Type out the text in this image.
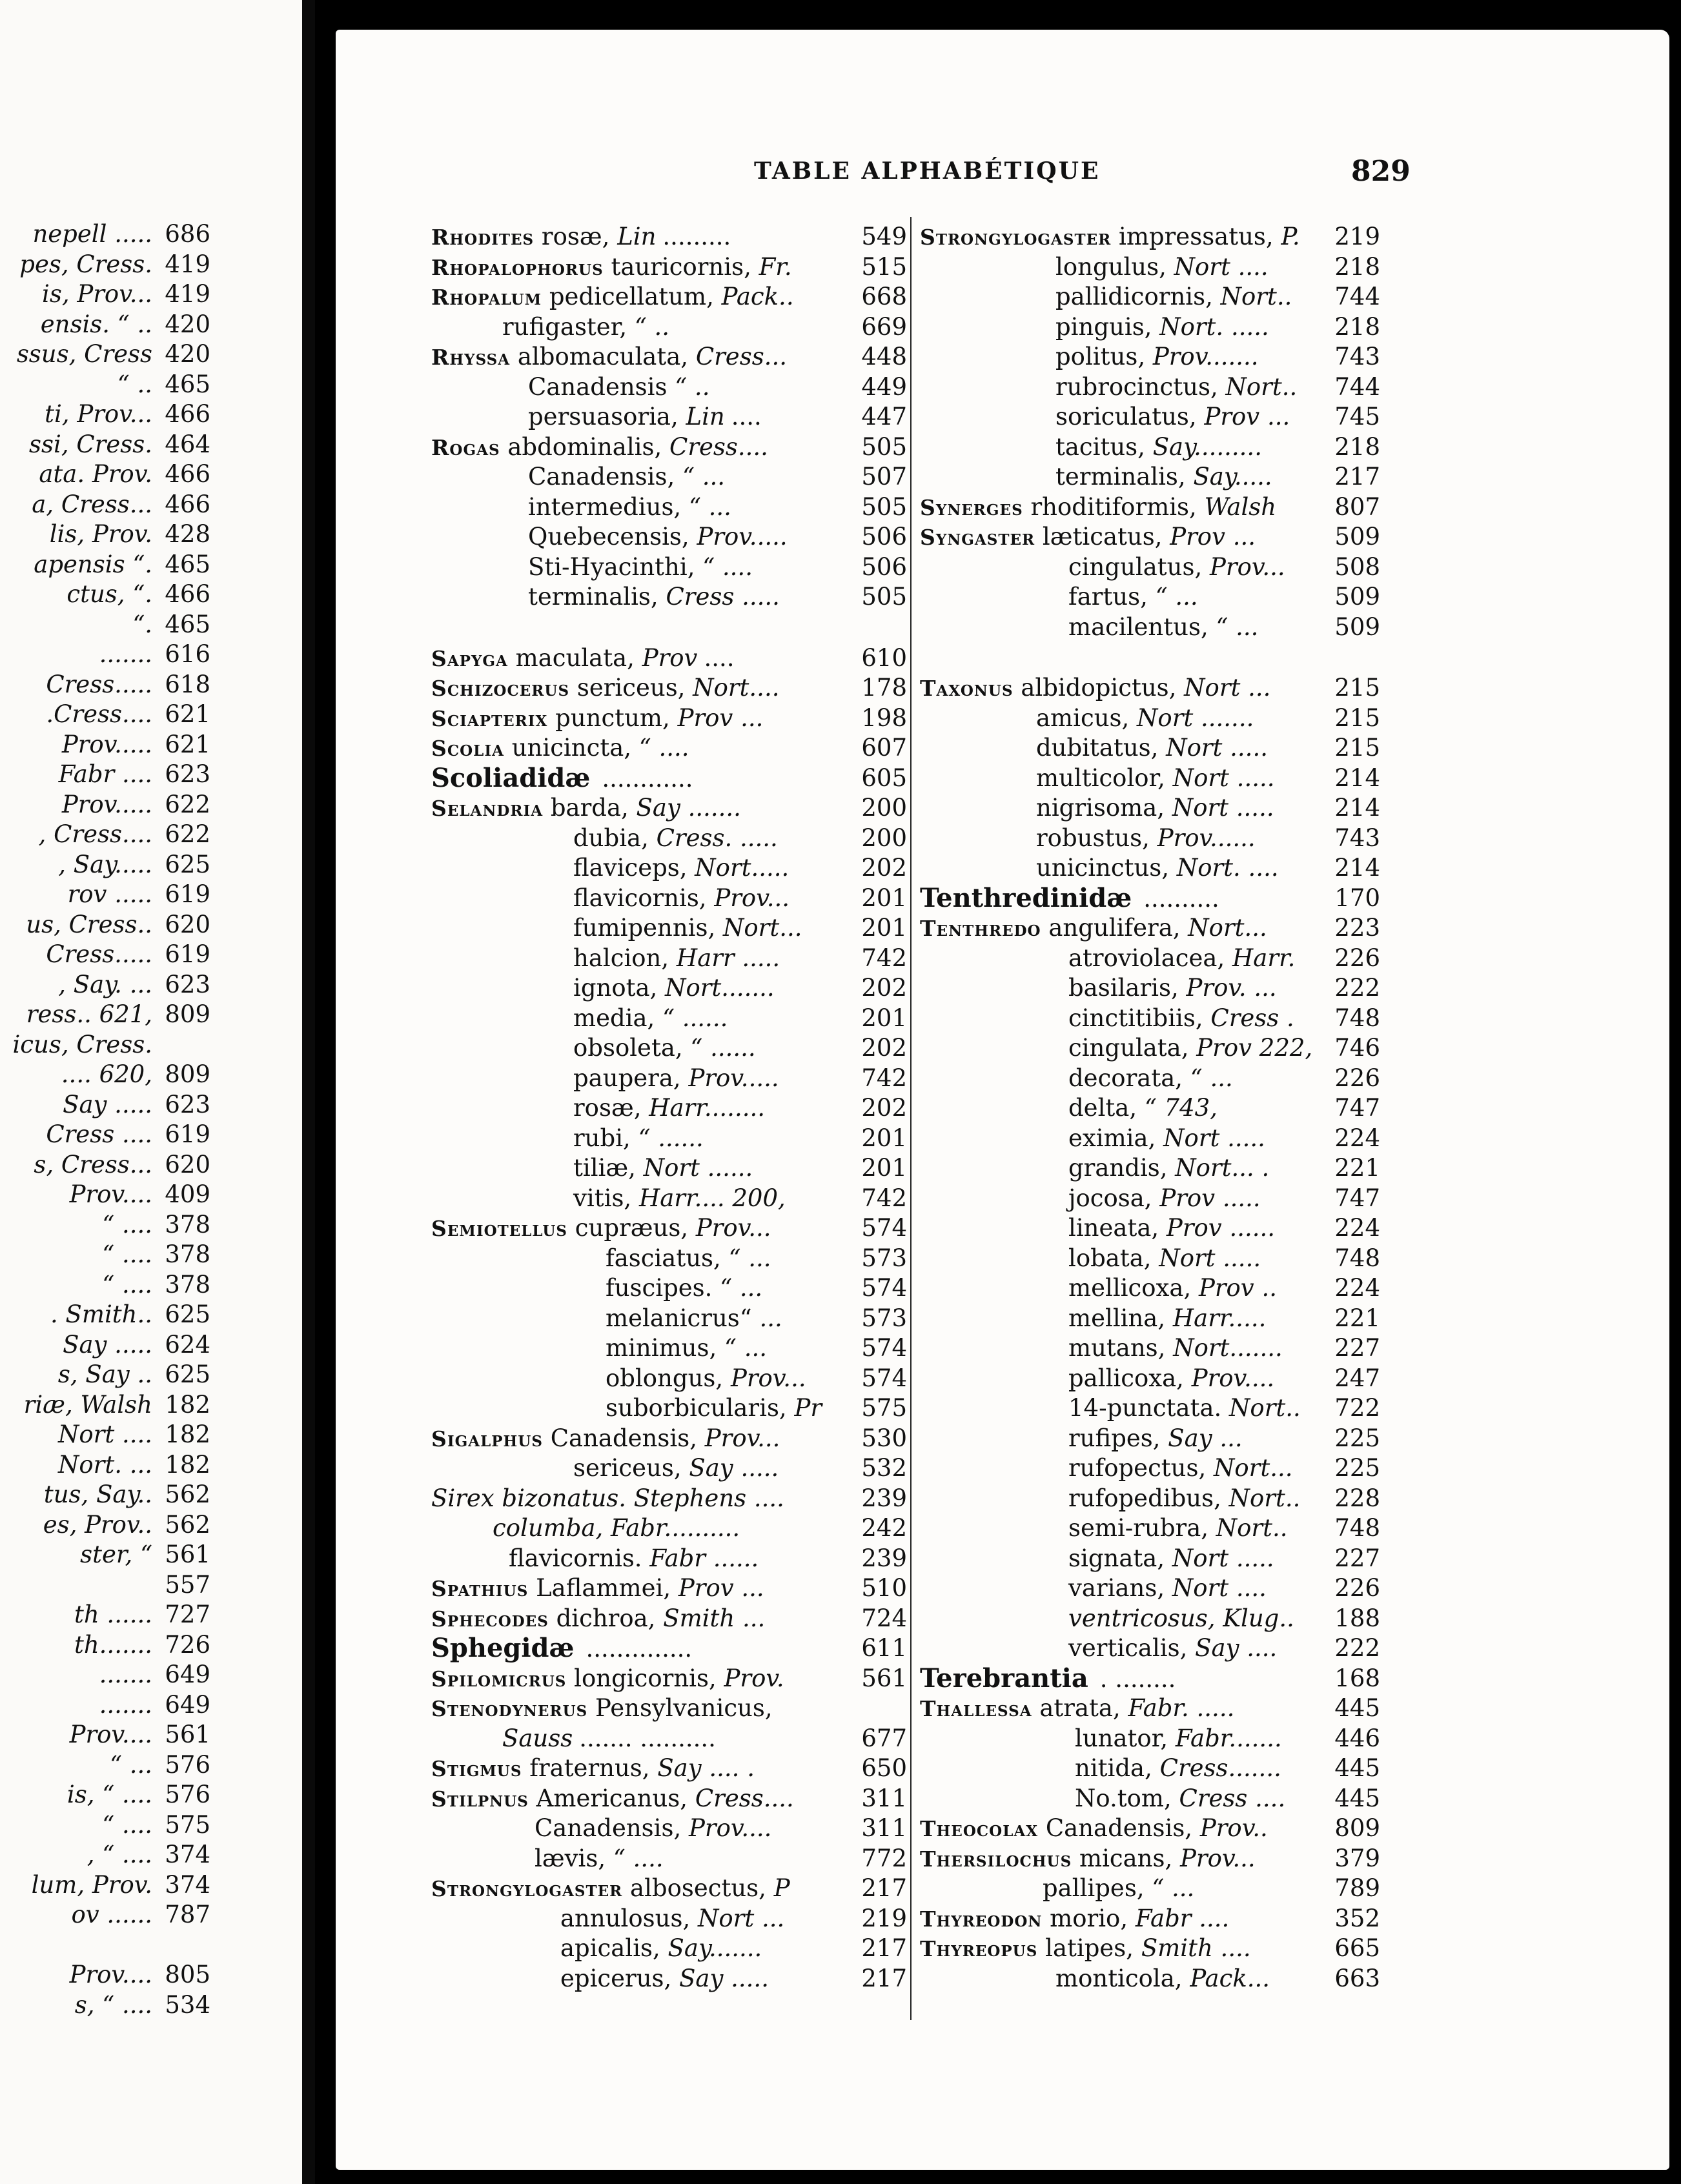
nepell ..... 686
pes, Cress. 419
is, Prov... 419
ensis. “ .. 420
ssus, Cress 420
“ .. 465
ti, Prov... 466
ssi, Cress. 464
ata. Prov. 466
a, Cress... 466
lis, Prov. 428
apensis “. 465
ctus, “. 466
“. 465
....... 616
Cress..... 618
.Cress.... 621
Prov..... 621
Fabr .... 623
Prov..... 622
, Cress.... 622
, Say..... 625
rov ..... 619
us, Cress.. 620
Cress..... 619
, Say. ... 623
ress.. 621, 809
icus, Cress.
.... 620, 809
Say ..... 623
Cress .... 619
s, Cress... 620
Prov.... 409
“ .... 378
“ .... 378
“ .... 378
. Smith.. 625
Say ..... 624
s, Say .. 625
riæ, Walsh 182
Nort .... 182
Nort. ... 182
tus, Say.. 562
es, Prov.. 562
ster, “ 561
557
th ...... 727
th....... 726
....... 649
....... 649
Prov.... 561
“ ... 576
is, “ .... 576
“ .... 575
, “ .... 374
lum, Prov. 374
ov ...... 787
Prov.... 805
s, “ .... 534
TABLE ALPHABÉTIQUE	829
Rhodites rosæ, Lin .........	549
Rhopalophorus tauricornis, Fr.	515
Rhopalum pedicellatum, Pack..	668
rufigaster, “ ..	669
Rhyssa albomaculata, Cress...	448
Canadensis “ ..	449
persuasoria, Lin ....	447
Rogas abdominalis, Cress....	505
Canadensis, “ ...	507
intermedius, “ ...	505
Quebecensis, Prov.....	506
Sti-Hyacinthi, “ ....	506
terminalis, Cress .....	505
Sapyga maculata, Prov ....	610
Schizocerus sericeus, Nort....	178
Sciapterix punctum, Prov ...	198
Scolia unicincta, “ ....	607
Scoliadidæ ............	605
Selandria barda, Say .......	200
dubia, Cress. .....	200
flaviceps, Nort.....	202
flavicornis, Prov...	201
fumipennis, Nort... 201
halcion, Harr .....	742
ignota, Nort.......	202
media, “ ......	201
obsoleta, “ ......	202
paupera, Prov.....	742
rosæ, Harr........	202
rubi, “ ......	201
tiliæ, Nort ......	201
vitis, Harr.... 200,	742
Semiotellus cupræus, Prov...	574
fasciatus, “ ...	573
fuscipes. “ ...	574
melanicrus“ ...	573
minimus, “ ...	574
oblongus, Prov... 574
suborbicularis, Pr 575
Sigalphus Canadensis, Prov...	530
sericeus, Say .....	532
Sirex bizonatus. Stephens ....	239
columba, Fabr..........	242
flavicornis. Fabr ......	239
Spathius Laflammei, Prov ...	510
Sphecodes dichroa, Smith ...	724
Sphegidæ ..............	611
Spilomicrus longicornis, Prov.	561
Stenodynerus Pensylvanicus,
Sauss ....... ..........	677
Stigmus fraternus, Say .... .	650
Stilpnus Americanus, Cress....	311
Canadensis, Prov....	311
lævis, “ ....	772
Strongylogaster albosectus, P	217
annulosus, Nort ...	219
apicalis, Say.......	217
epicerus, Say .....	217
Strongylogaster impressatus, P. 219
longulus, Nort ....	218
pallidicornis, Nort.. 744
pinguis, Nort. .....	218
politus, Prov.......	743
rubrocinctus, Nort.. 744
soriculatus, Prov ... 745
tacitus, Say.........	218
terminalis, Say.....	217
Synerges rhoditiformis, Walsh 807
Syngaster læticatus, Prov ...	509
cingulatus, Prov... 508
fartus, “ ...	509
macilentus, “ ...	509
Taxonus albidopictus, Nort ...	215
amicus, Nort .......	215
dubitatus, Nort .....	215
multicolor, Nort .....	214
nigrisoma, Nort .....	214
robustus, Prov......	743
unicinctus, Nort. .... 214
Tenthredinidæ ..........	170
Tenthredo angulifera, Nort...	223
atroviolacea, Harr. 226
basilaris, Prov. ... 222
cinctitibiis, Cress . 748
cingulata, Prov 222, 746
decorata, “ ...	226
delta, “ 743,	747
eximia, Nort .....	224
grandis, Nort... .	221
jocosa, Prov .....	747
lineata, Prov ...... 224
lobata, Nort .....	748
mellicoxa, Prov .. 224
mellina, Harr.....	221
mutans, Nort....... 227
pallicoxa, Prov....	247
14-punctata. Nort.. 722
rufipes, Say ...	225
rufopectus, Nort... 225
rufopedibus, Nort.. 228
semi-rubra, Nort.. 748
signata, Nort .....	227
varians, Nort ....	226
ventricosus, Klug.. 188
verticalis, Say .... 222
Terebrantia . ........	168
Thallessa atrata, Fabr. .....	445
lunator, Fabr....... 446
nitida, Cress....... 445
No.tom, Cress .... 445
Theocolax Canadensis, Prov..	809
Thersilochus micans, Prov...	379
pallipes, “ ...	789
Thyreodon morio, Fabr ....	352
Thyreopus latipes, Smith ....	665
monticola, Pack...	663
